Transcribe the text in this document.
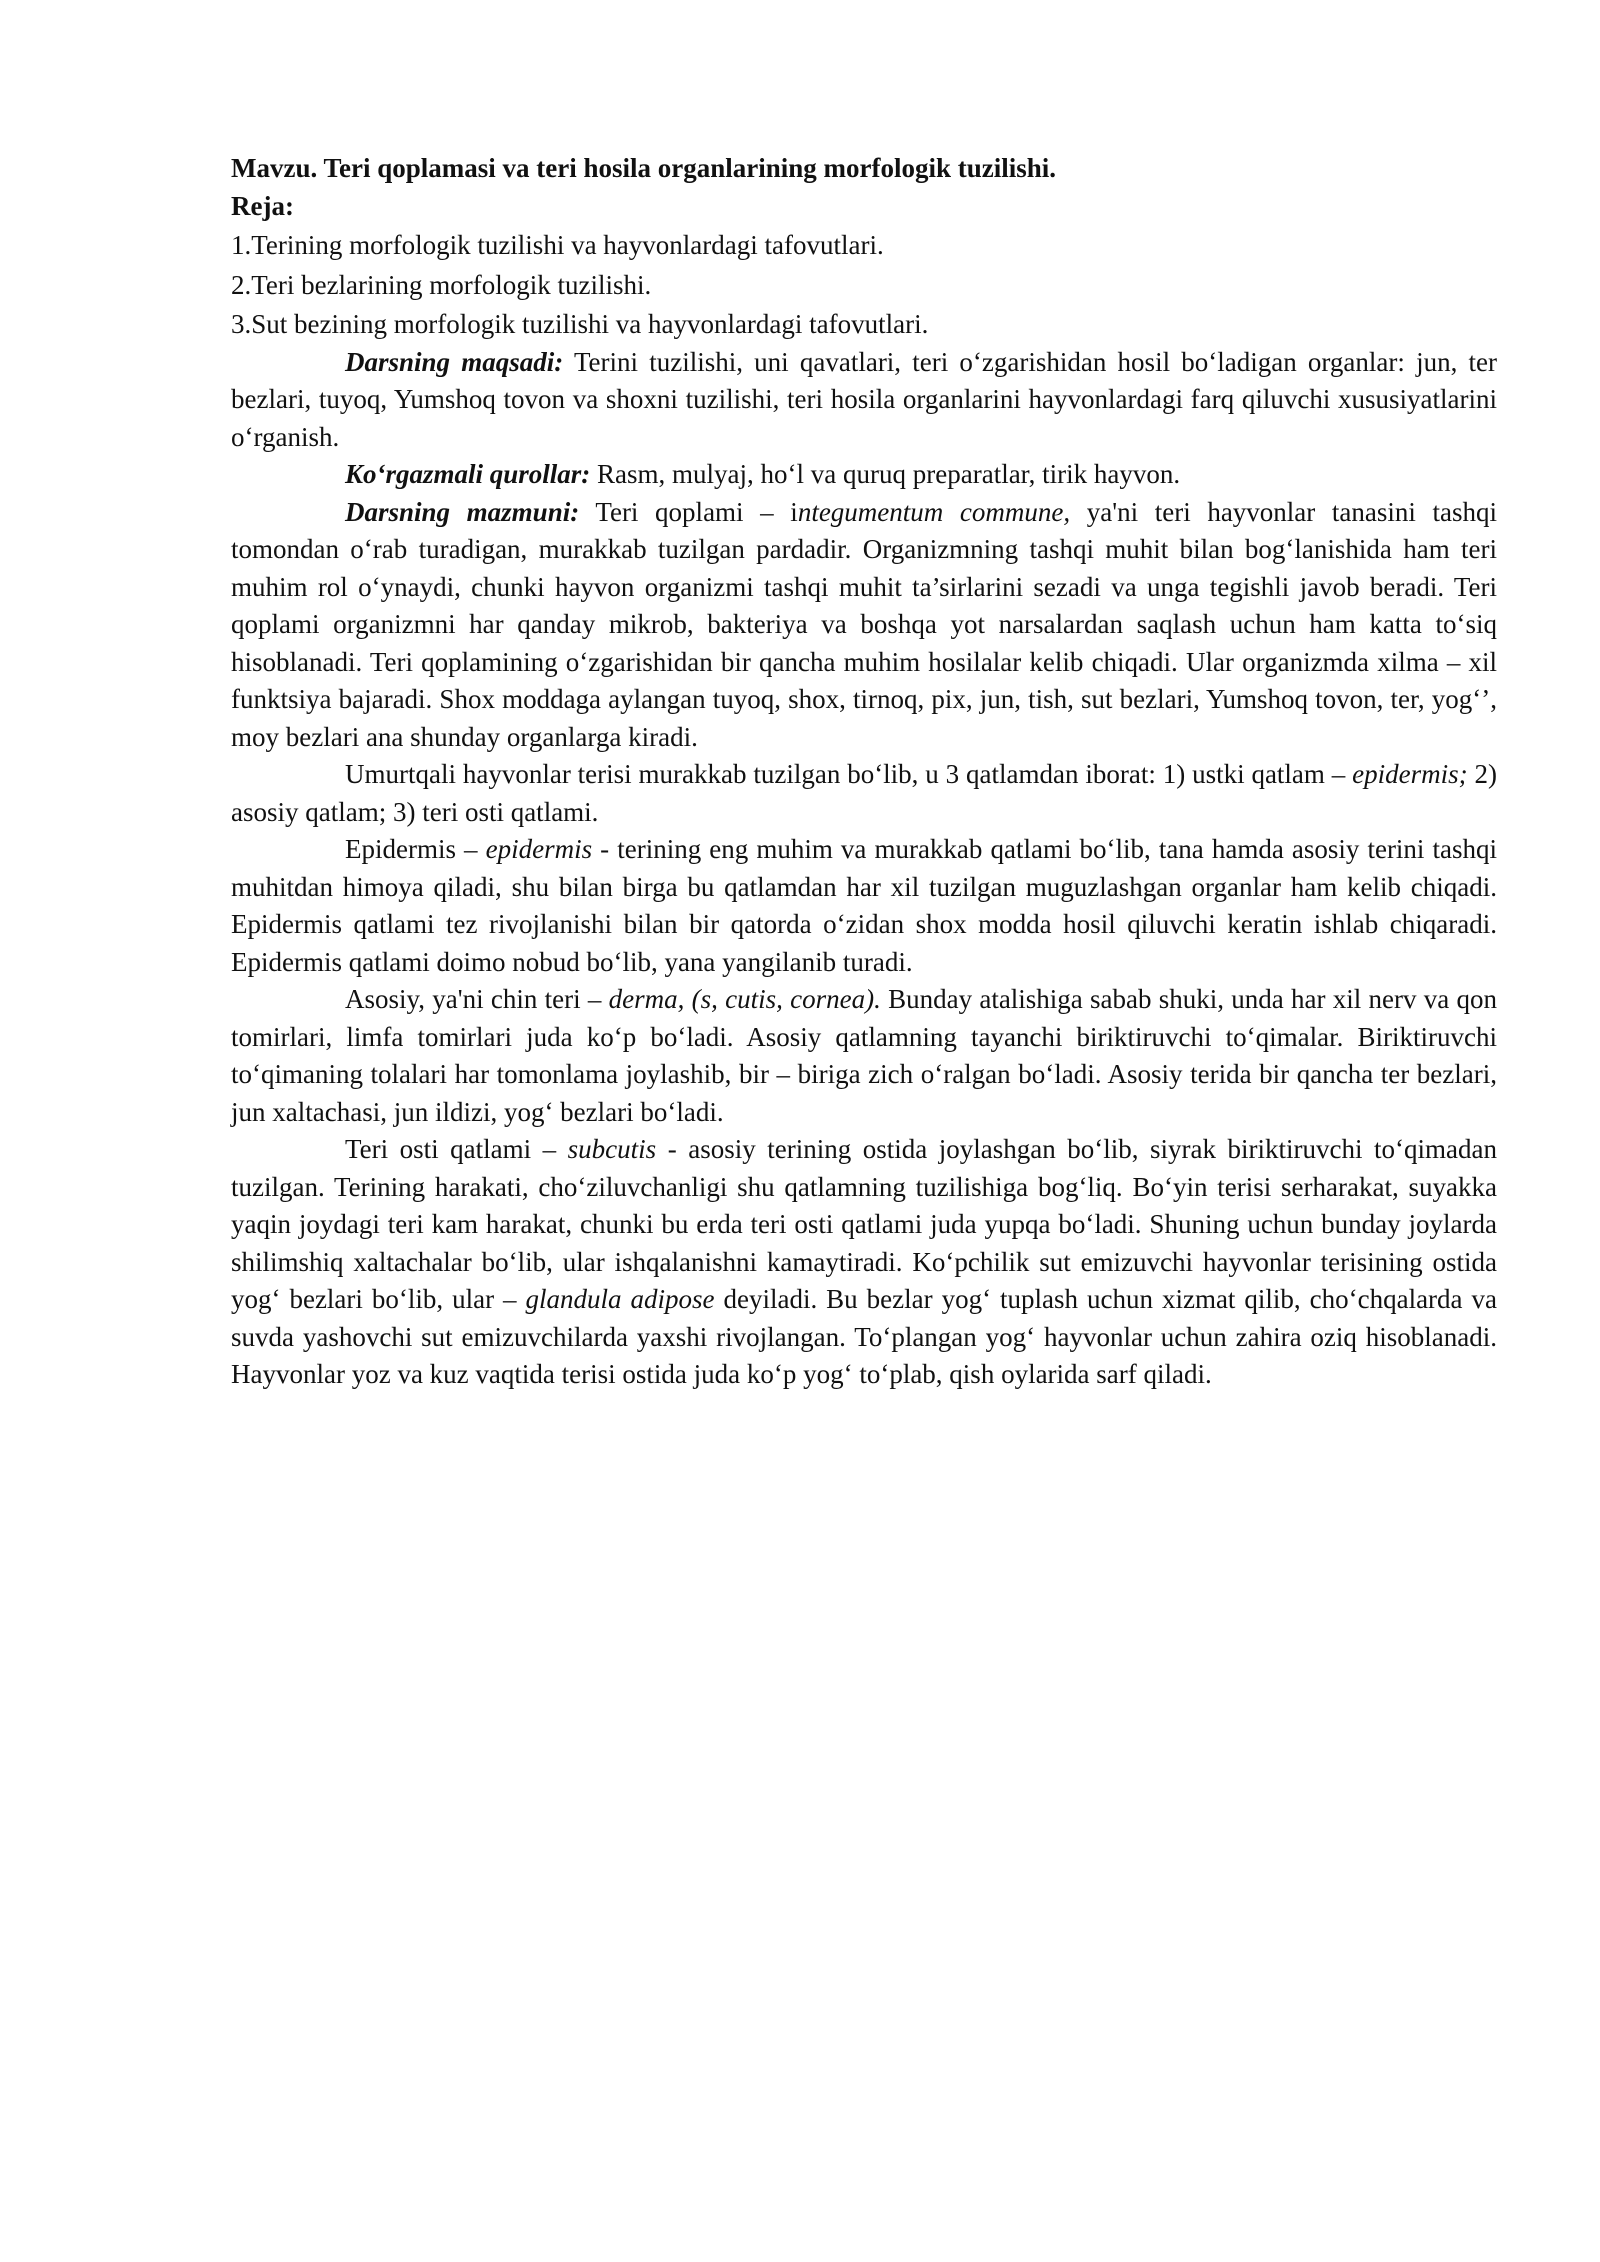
Mavzu. Teri qoplamasi va teri hosila organlarining morfologik tuzilishi.

Reja:

1.Terining morfologik tuzilishi va hayvonlardagi tafovutlari.

2.Teri bezlarining morfologik tuzilishi.

3.Sut bezining morfologik tuzilishi va hayvonlardagi tafovutlari.

Darsning maqsadi: Terini tuzilishi, uni qavatlari, teri o‘zgarishidan hosil bo‘ladigan organlar: jun, ter bezlari, tuyoq, Yumshoq tovon va shoxni tuzilishi, teri hosila organlarini hayvonlardagi farq qiluvchi xususiyatlarini o‘rganish.

Ko‘rgazmali qurollar: Rasm, mulyaj, ho‘l va quruq preparatlar, tirik hayvon.

Darsning mazmuni: Teri qoplami – integumentum commune, ya'ni teri hayvonlar tanasini tashqi tomondan o‘rab turadigan, murakkab tuzilgan pardadir. Organizmning tashqi muhit bilan bog‘lanishida ham teri muhim rol o‘ynaydi, chunki hayvon organizmi tashqi muhit ta’sirlarini sezadi va unga tegishli javob beradi. Teri qoplami organizmni har qanday mikrob, bakteriya va boshqa yot narsalardan saqlash uchun ham katta to‘siq hisoblanadi. Teri qoplamining o‘zgarishidan bir qancha muhim hosilalar kelib chiqadi. Ular organizmda xilma – xil funktsiya bajaradi. Shox moddaga aylangan tuyoq, shox, tirnoq, pix, jun, tish, sut bezlari, Yumshoq tovon, ter, yog‘’, moy bezlari ana shunday organlarga kiradi.

Umurtqali hayvonlar terisi murakkab tuzilgan bo‘lib, u 3 qatlamdan iborat: 1) ustki qatlam – epidermis; 2) asosiy qatlam; 3) teri osti qatlami.

Epidermis – epidermis - terining eng muhim va murakkab qatlami bo‘lib, tana hamda asosiy terini tashqi muhitdan himoya qiladi, shu bilan birga bu qatlamdan har xil tuzilgan muguzlashgan organlar ham kelib chiqadi. Epidermis qatlami tez rivojlanishi bilan bir qatorda o‘zidan shox modda hosil qiluvchi keratin ishlab chiqaradi. Epidermis qatlami doimo nobud bo‘lib, yana yangilanib turadi.

Asosiy, ya'ni chin teri – derma, (s, cutis, cornea). Bunday atalishiga sabab shuki, unda har xil nerv va qon tomirlari, limfa tomirlari juda ko‘p bo‘ladi. Asosiy qatlamning tayanchi biriktiruvchi to‘qimalar. Biriktiruvchi to‘qimaning tolalari har tomonlama joylashib, bir – biriga zich o‘ralgan bo‘ladi. Asosiy terida bir qancha ter bezlari, jun xaltachasi, jun ildizi, yog‘ bezlari bo‘ladi.

Teri osti qatlami – subcutis - asosiy terining ostida joylashgan bo‘lib, siyrak biriktiruvchi to‘qimadan tuzilgan. Terining harakati, cho‘ziluvchanligi shu qatlamning tuzilishiga bog‘liq. Bo‘yin terisi serharakat, suyakka yaqin joydagi teri kam harakat, chunki bu erda teri osti qatlami juda yupqa bo‘ladi. Shuning uchun bunday joylarda shilimshiq xaltachalar bo‘lib, ular ishqalanishni kamaytiradi. Ko‘pchilik sut emizuvchi hayvonlar terisining ostida yog‘ bezlari bo‘lib, ular – glandula adipose deyiladi. Bu bezlar yog‘ tuplash uchun xizmat qilib, cho‘chqalarda va suvda yashovchi sut emizuvchilarda yaxshi rivojlangan. To‘plangan yog‘ hayvonlar uchun zahira oziq hisoblanadi. Hayvonlar yoz va kuz vaqtida terisi ostida juda ko‘p yog‘ to‘plab, qish oylarida sarf qiladi.
